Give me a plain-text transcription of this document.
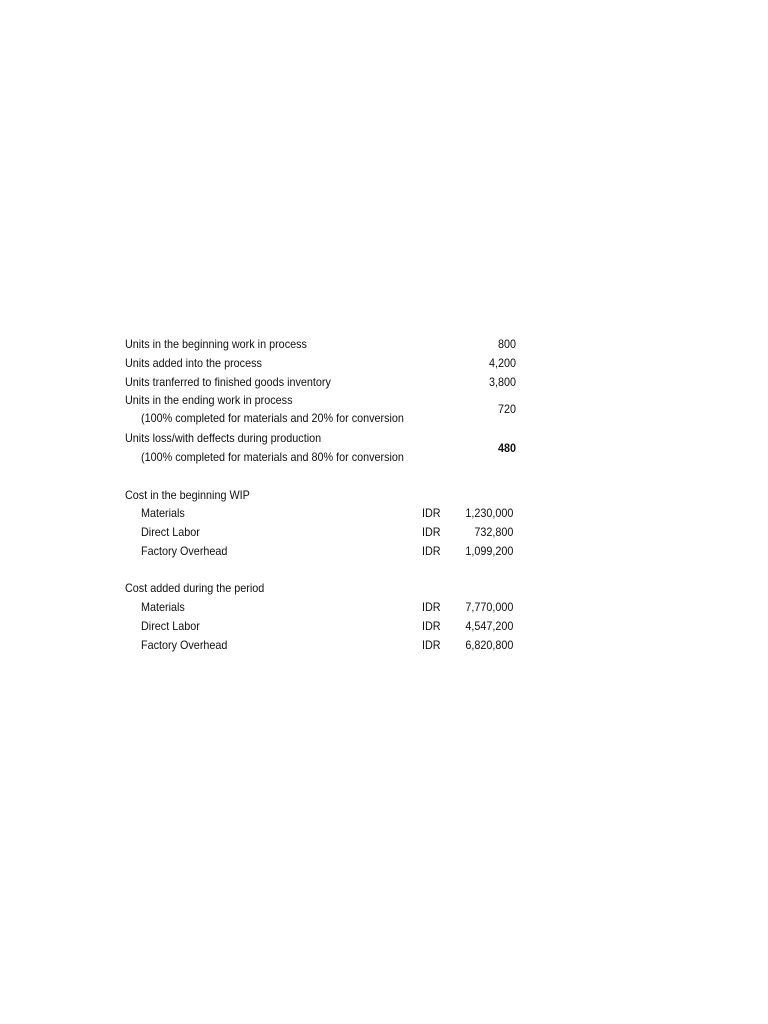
Units in the beginning work in process	800
Units added into the process	4,200
Units tranferred to finished goods inventory	3,800
Units in the ending work in process
(100% completed for materials and 20% for conversion
720
Units loss/with deffects during production
(100% completed for materials and 80% for conversion
480
Cost in the beginning WIP
Materials	IDR 1,230,000
Direct Labor	IDR	732,800
Factory Overhead	IDR 1,099,200
Cost added during the period
Materials	IDR 7,770,000
Direct Labor	IDR 4,547,200
Factory Overhead	IDR 6,820,800
